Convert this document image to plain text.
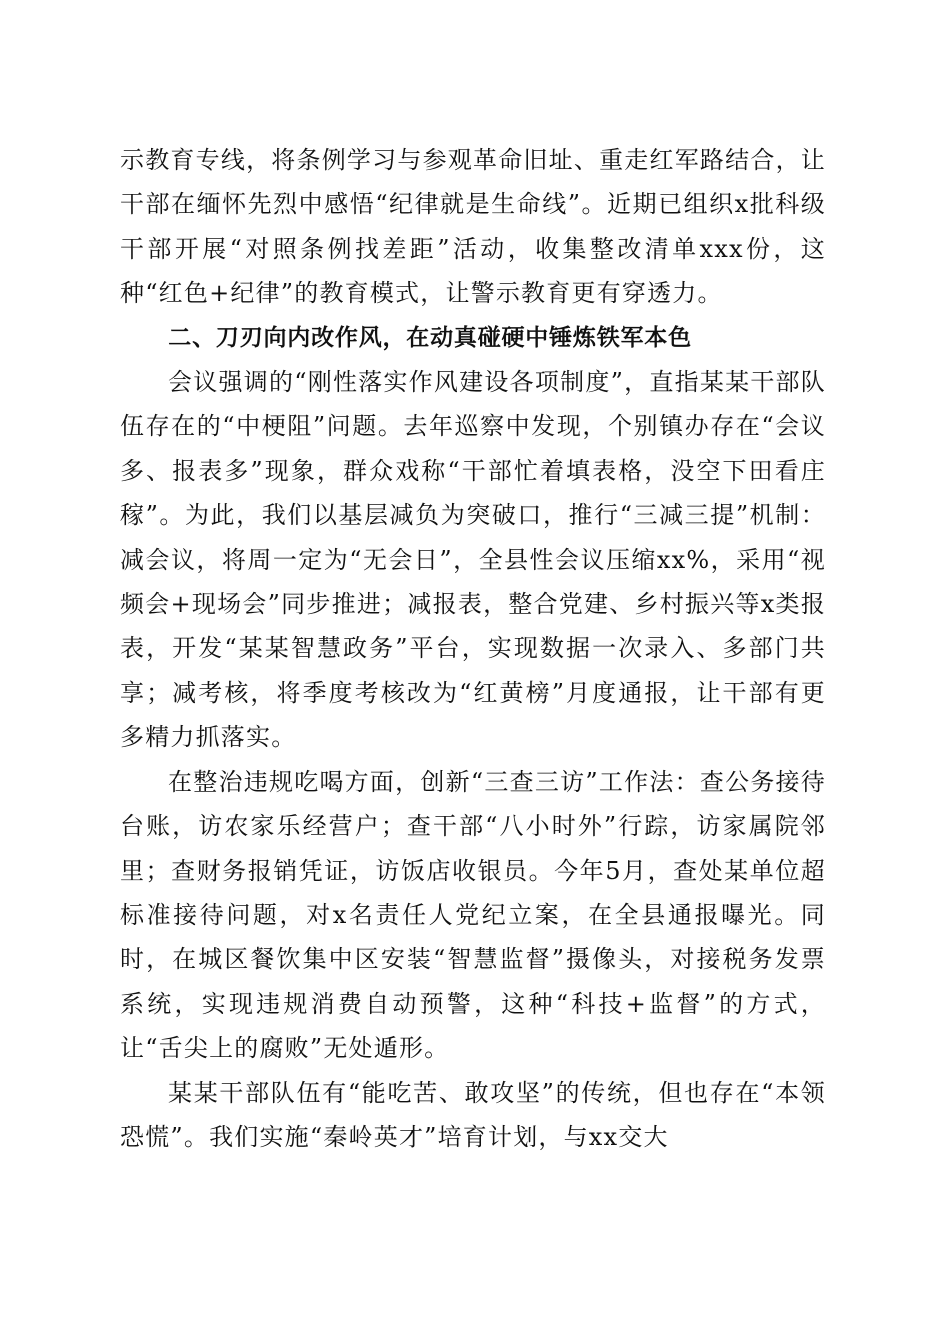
示教育专线，将条例学习与参观革命旧址、重走红军路结合，让干部在缅怀先烈中感悟“纪律就是生命线”。近期已组织x批科级干部开展“对照条例找差距”活动，收集整改清单xxx份，这种“红色+纪律”的教育模式，让警示教育更有穿透力。

二、刀刃向内改作风，在动真碰硬中锤炼铁军本色

会议强调的“刚性落实作风建设各项制度”，直指某某干部队伍存在的“中梗阻”问题。去年巡察中发现，个别镇办存在“会议多、报表多”现象，群众戏称“干部忙着填表格，没空下田看庄稼”。为此，我们以基层减负为突破口，推行“三减三提”机制：减会议，将周一定为“无会日”，全县性会议压缩xx%，采用“视频会+现场会”同步推进；减报表，整合党建、乡村振兴等x类报表，开发“某某智慧政务”平台，实现数据一次录入、多部门共享；减考核，将季度考核改为“红黄榜”月度通报，让干部有更多精力抓落实。

在整治违规吃喝方面，创新“三查三访”工作法：查公务接待台账，访农家乐经营户；查干部“八小时外”行踪，访家属院邻里；查财务报销凭证，访饭店收银员。今年5月，查处某单位超标准接待问题，对x名责任人党纪立案，在全县通报曝光。同时，在城区餐饮集中区安装“智慧监督”摄像头，对接税务发票系统，实现违规消费自动预警，这种“科技+监督”的方式，让“舌尖上的腐败”无处遁形。

某某干部队伍有“能吃苦、敢攻坚”的传统，但也存在“本领恐慌”。我们实施“秦岭英才”培育计划，与xx交大
